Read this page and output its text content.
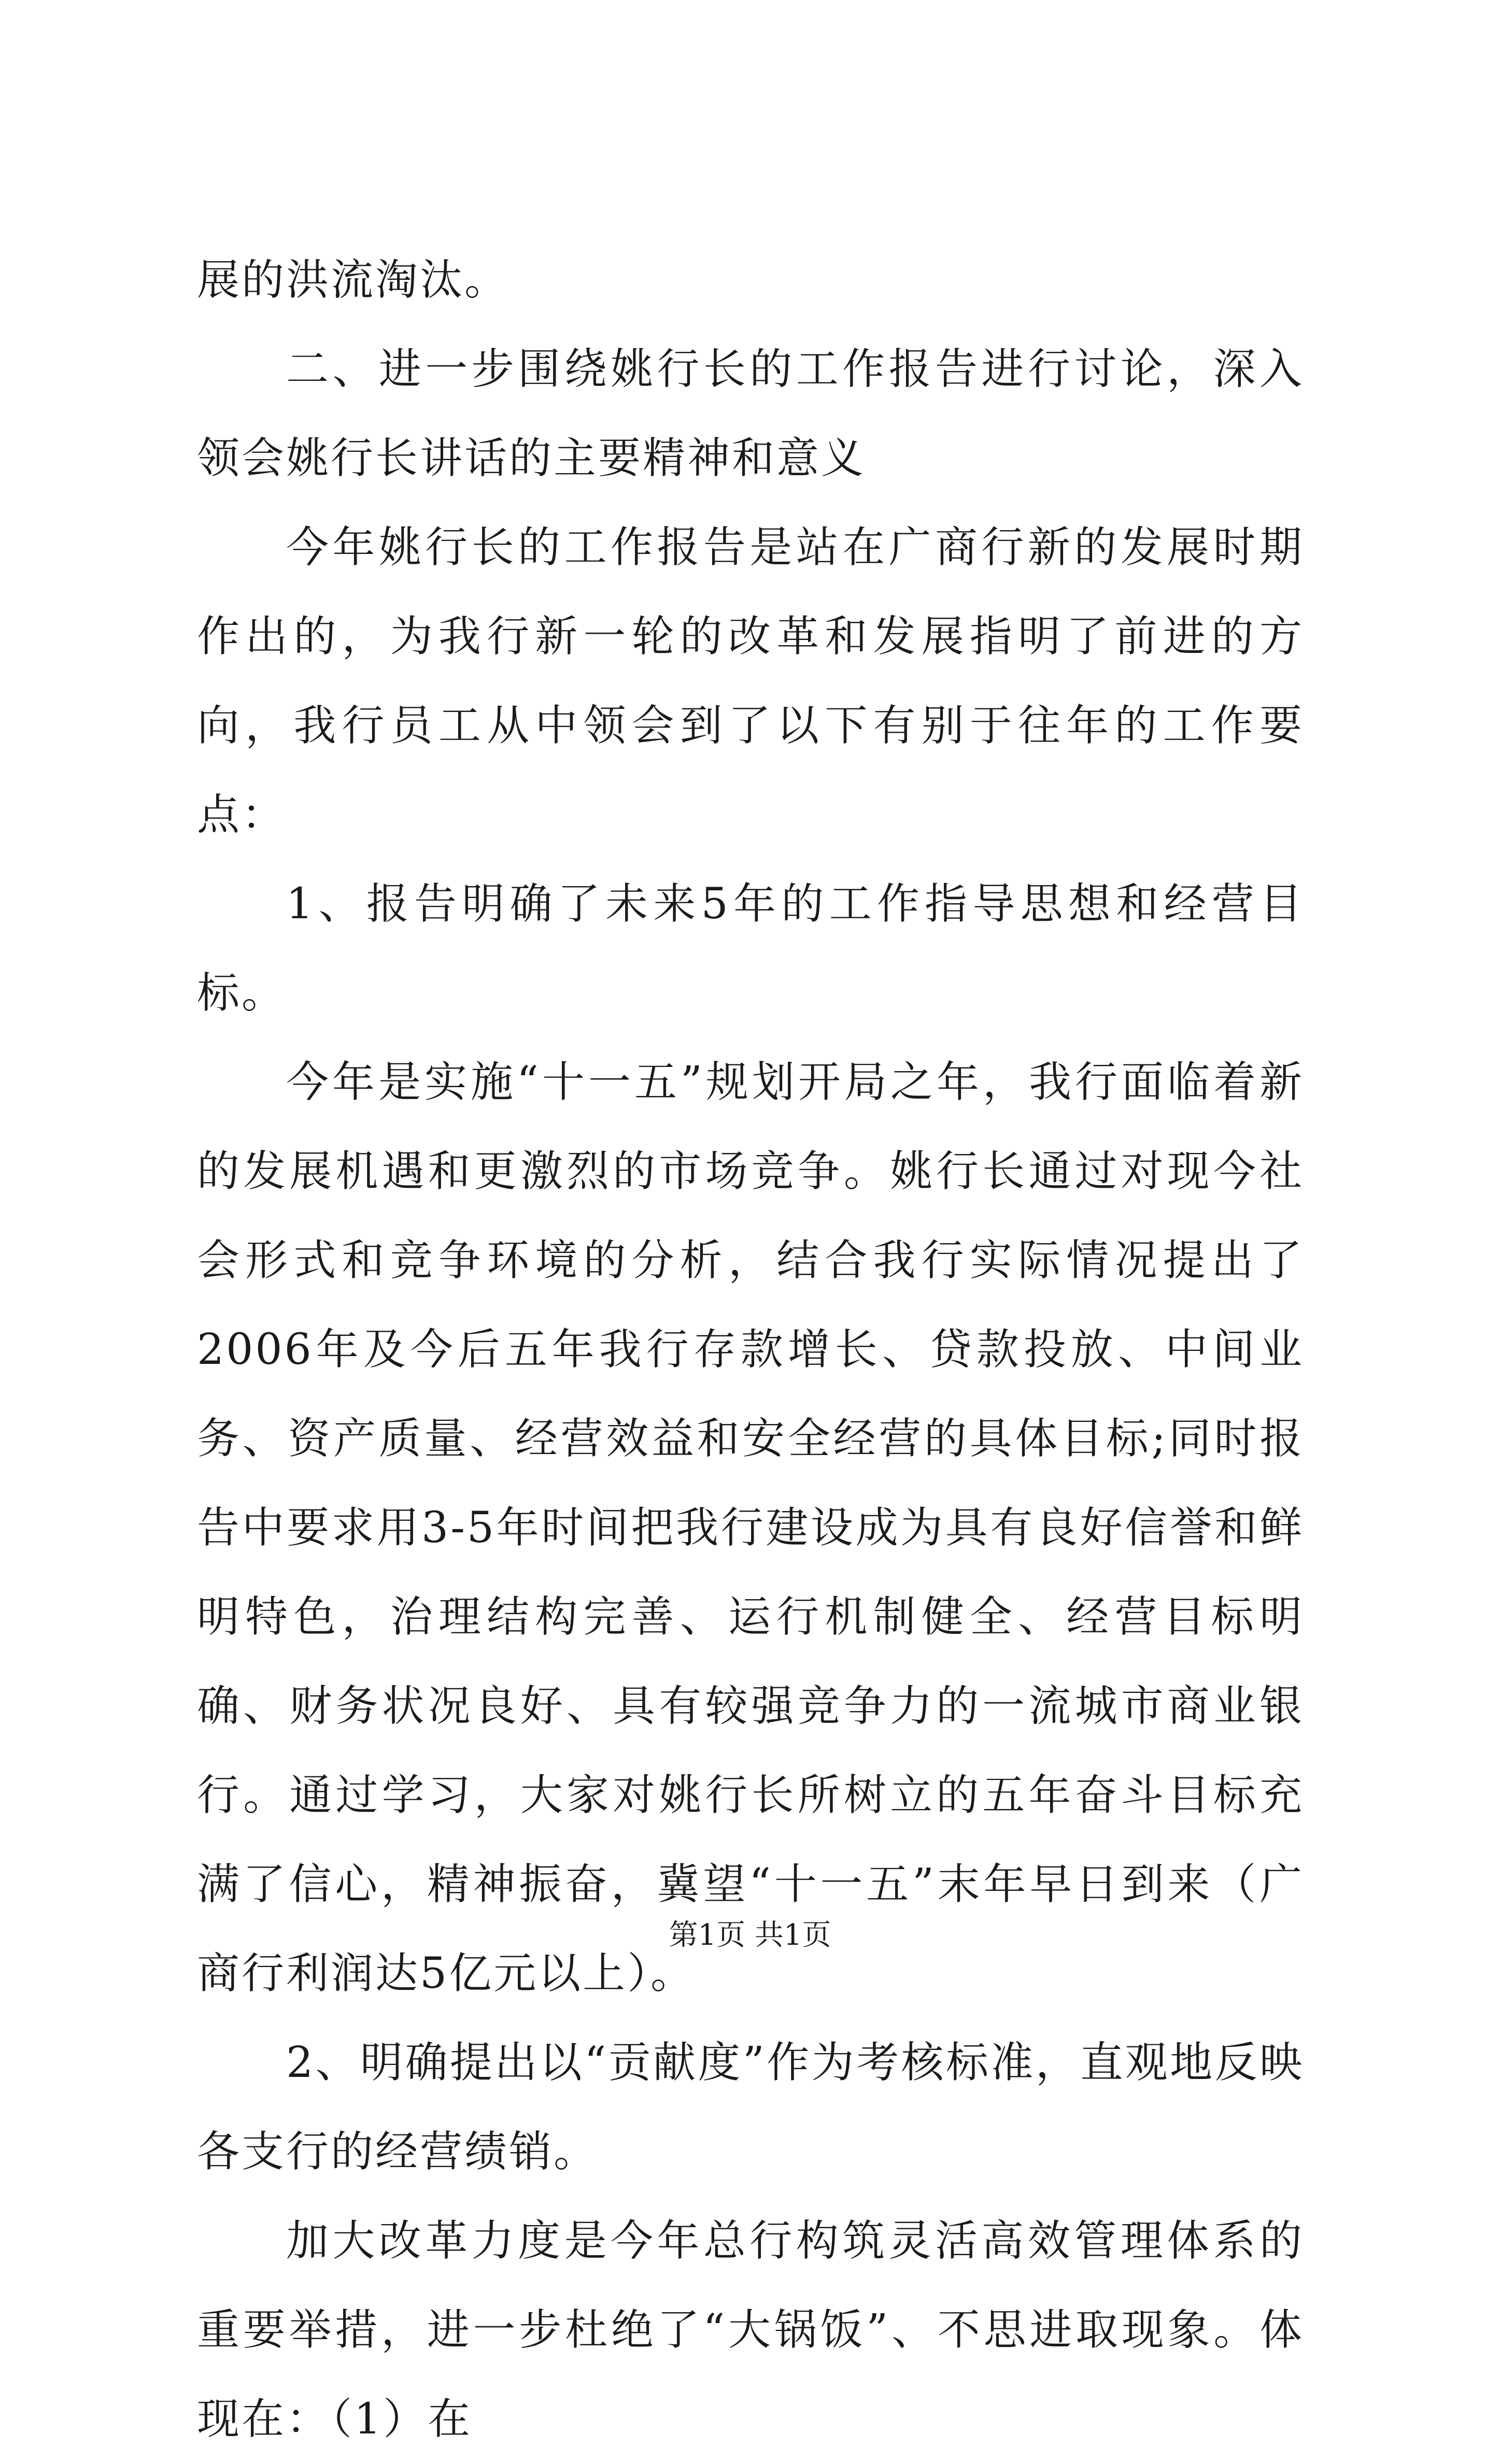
展的洪流淘汰。

二、进一步围绕姚行长的工作报告进行讨论，深入领会姚行长讲话的主要精神和意义

今年姚行长的工作报告是站在广商行新的发展时期作出的，为我行新一轮的改革和发展指明了前进的方向，我行员工从中领会到了以下有别于往年的工作要点：

1、报告明确了未来5年的工作指导思想和经营目标。

今年是实施“十一五”规划开局之年，我行面临着新的发展机遇和更激烈的市场竞争。姚行长通过对现今社会形式和竞争环境的分析，结合我行实际情况提出了2006年及今后五年我行存款增长、贷款投放、中间业务、资产质量、经营效益和安全经营的具体目标;同时报告中要求用3-5年时间把我行建设成为具有良好信誉和鲜明特色，治理结构完善、运行机制健全、经营目标明确、财务状况良好、具有较强竞争力的一流城市商业银行。通过学习，大家对姚行长所树立的五年奋斗目标充满了信心，精神振奋，冀望“十一五”末年早日到来（广商行利润达5亿元以上）。

2、明确提出以“贡献度”作为考核标准，直观地反映各支行的经营绩销。

加大改革力度是今年总行构筑灵活高效管理体系的重要举措，进一步杜绝了“大锅饭”、不思进取现象。体现在：（1）在

第1页 共1页
